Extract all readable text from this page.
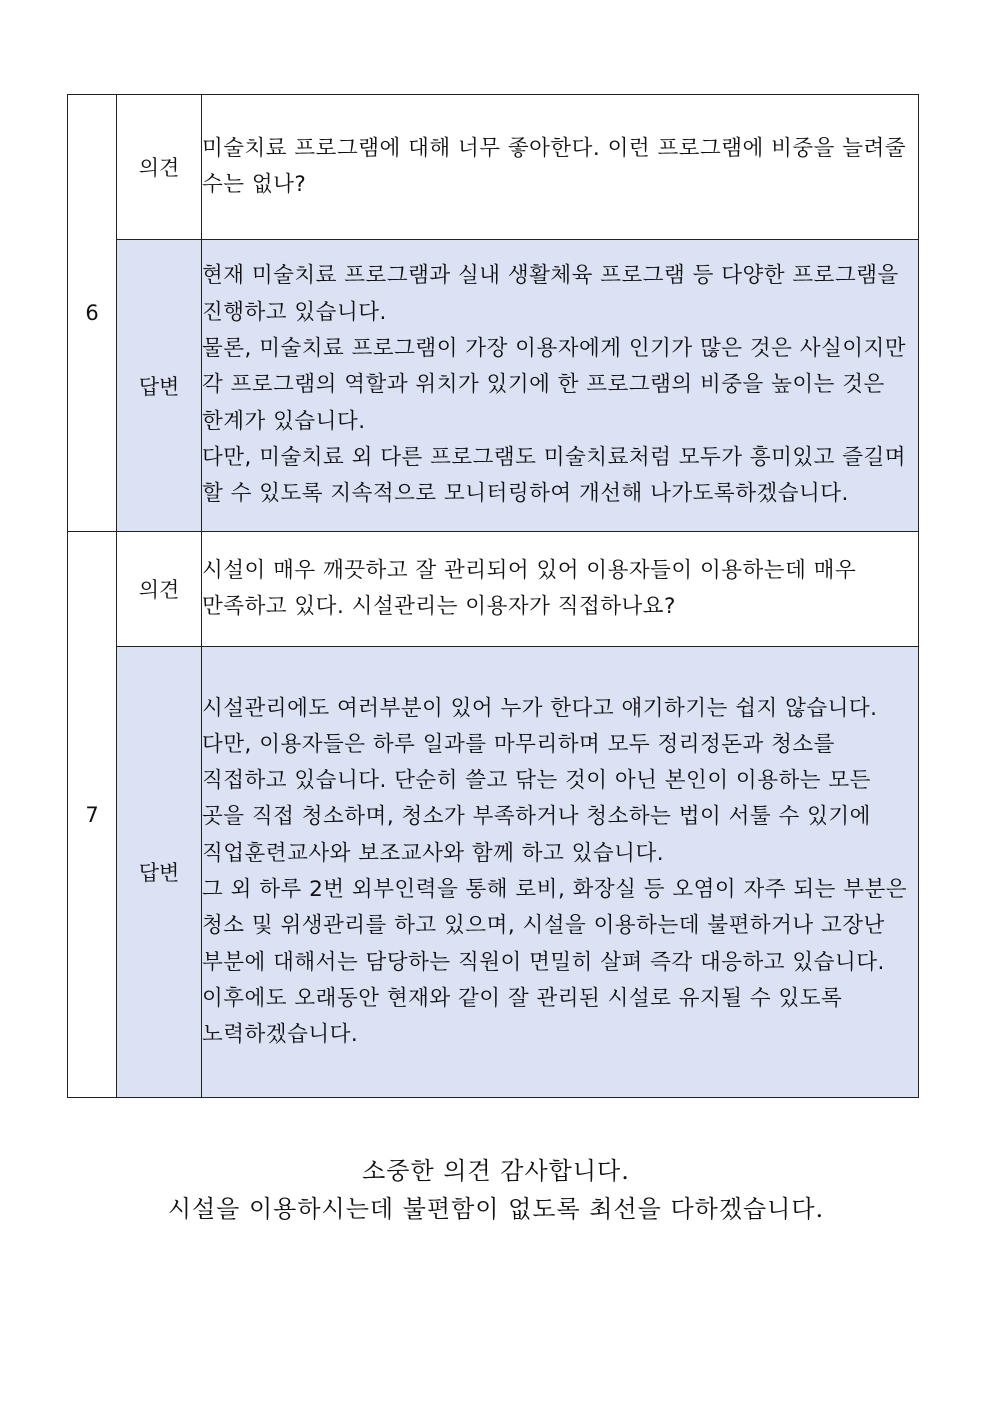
6	의견	미술치료 프로그램에 대해 너무 좋아한다. 이런 프로그램에 비중을 늘려줄 수는 없나?
	답변	현재 미술치료 프로그램과 실내 생활체육 프로그램 등 다양한 프로그램을 진행하고 있습니다.
물론, 미술치료 프로그램이 가장 이용자에게 인기가 많은 것은 사실이지만 각 프로그램의 역할과 위치가 있기에 한 프로그램의 비중을 높이는 것은 한계가 있습니다.
다만, 미술치료 외 다른 프로그램도 미술치료처럼 모두가 흥미있고 즐길며 할 수 있도록 지속적으로 모니터링하여 개선해 나가도록하겠습니다.

7	의견	시설이 매우 깨끗하고 잘 관리되어 있어 이용자들이 이용하는데 매우 만족하고 있다. 시설관리는 이용자가 직접하나요?
	답변	시설관리에도 여러부분이 있어 누가 한다고 얘기하기는 쉽지 않습니다. 다만, 이용자들은 하루 일과를 마무리하며 모두 정리정돈과 청소를 직접하고 있습니다. 단순히 쓸고 닦는 것이 아닌 본인이 이용하는 모든 곳을 직접 청소하며, 청소가 부족하거나 청소하는 법이 서툴 수 있기에 직업훈련교사와 보조교사와 함께 하고 있습니다.
그 외 하루 2번 외부인력을 통해 로비, 화장실 등 오염이 자주 되는 부분은 청소 및 위생관리를 하고 있으며, 시설을 이용하는데 불편하거나 고장난 부분에 대해서는 담당하는 직원이 면밀히 살펴 즉각 대응하고 있습니다.
이후에도 오래동안 현재와 같이 잘 관리된 시설로 유지될 수 있도록 노력하겠습니다.
소중한 의견 감사합니다.
시설을 이용하시는데 불편함이 없도록 최선을 다하겠습니다.
